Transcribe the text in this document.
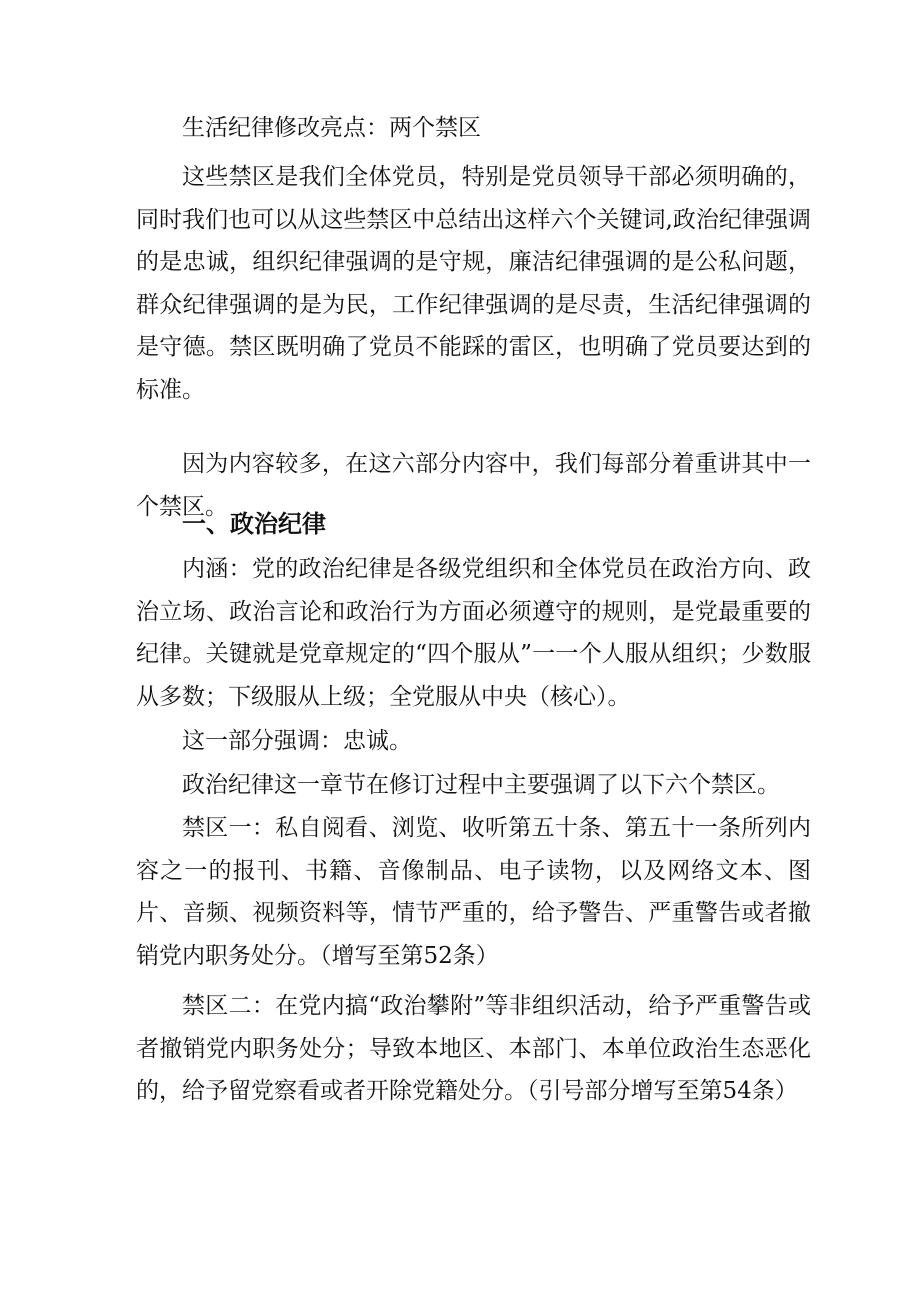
生活纪律修改亮点：两个禁区

这些禁区是我们全体党员，特别是党员领导干部必须明确的，同时我们也可以从这些禁区中总结出这样六个关键词,政治纪律强调的是忠诚，组织纪律强调的是守规，廉洁纪律强调的是公私问题，群众纪律强调的是为民，工作纪律强调的是尽责，生活纪律强调的是守德。禁区既明确了党员不能踩的雷区，也明确了党员要达到的标准。

因为内容较多，在这六部分内容中，我们每部分着重讲其中一个禁区。

一、政治纪律

内涵：党的政治纪律是各级党组织和全体党员在政治方向、政治立场、政治言论和政治行为方面必须遵守的规则，是党最重要的纪律。关键就是党章规定的“四个服从”一一个人服从组织；少数服从多数；下级服从上级；全党服从中央（核心）。

这一部分强调：忠诚。

政治纪律这一章节在修订过程中主要强调了以下六个禁区。

禁区一：私自阅看、浏览、收听第五十条、第五十一条所列内容之一的报刊、书籍、音像制品、电子读物，以及网络文本、图片、音频、视频资料等，情节严重的，给予警告、严重警告或者撤销党内职务处分。（增写至第52条）

禁区二：在党内搞“政治攀附”等非组织活动，给予严重警告或者撤销党内职务处分；导致本地区、本部门、本单位政治生态恶化的，给予留党察看或者开除党籍处分。（引号部分增写至第54条）
